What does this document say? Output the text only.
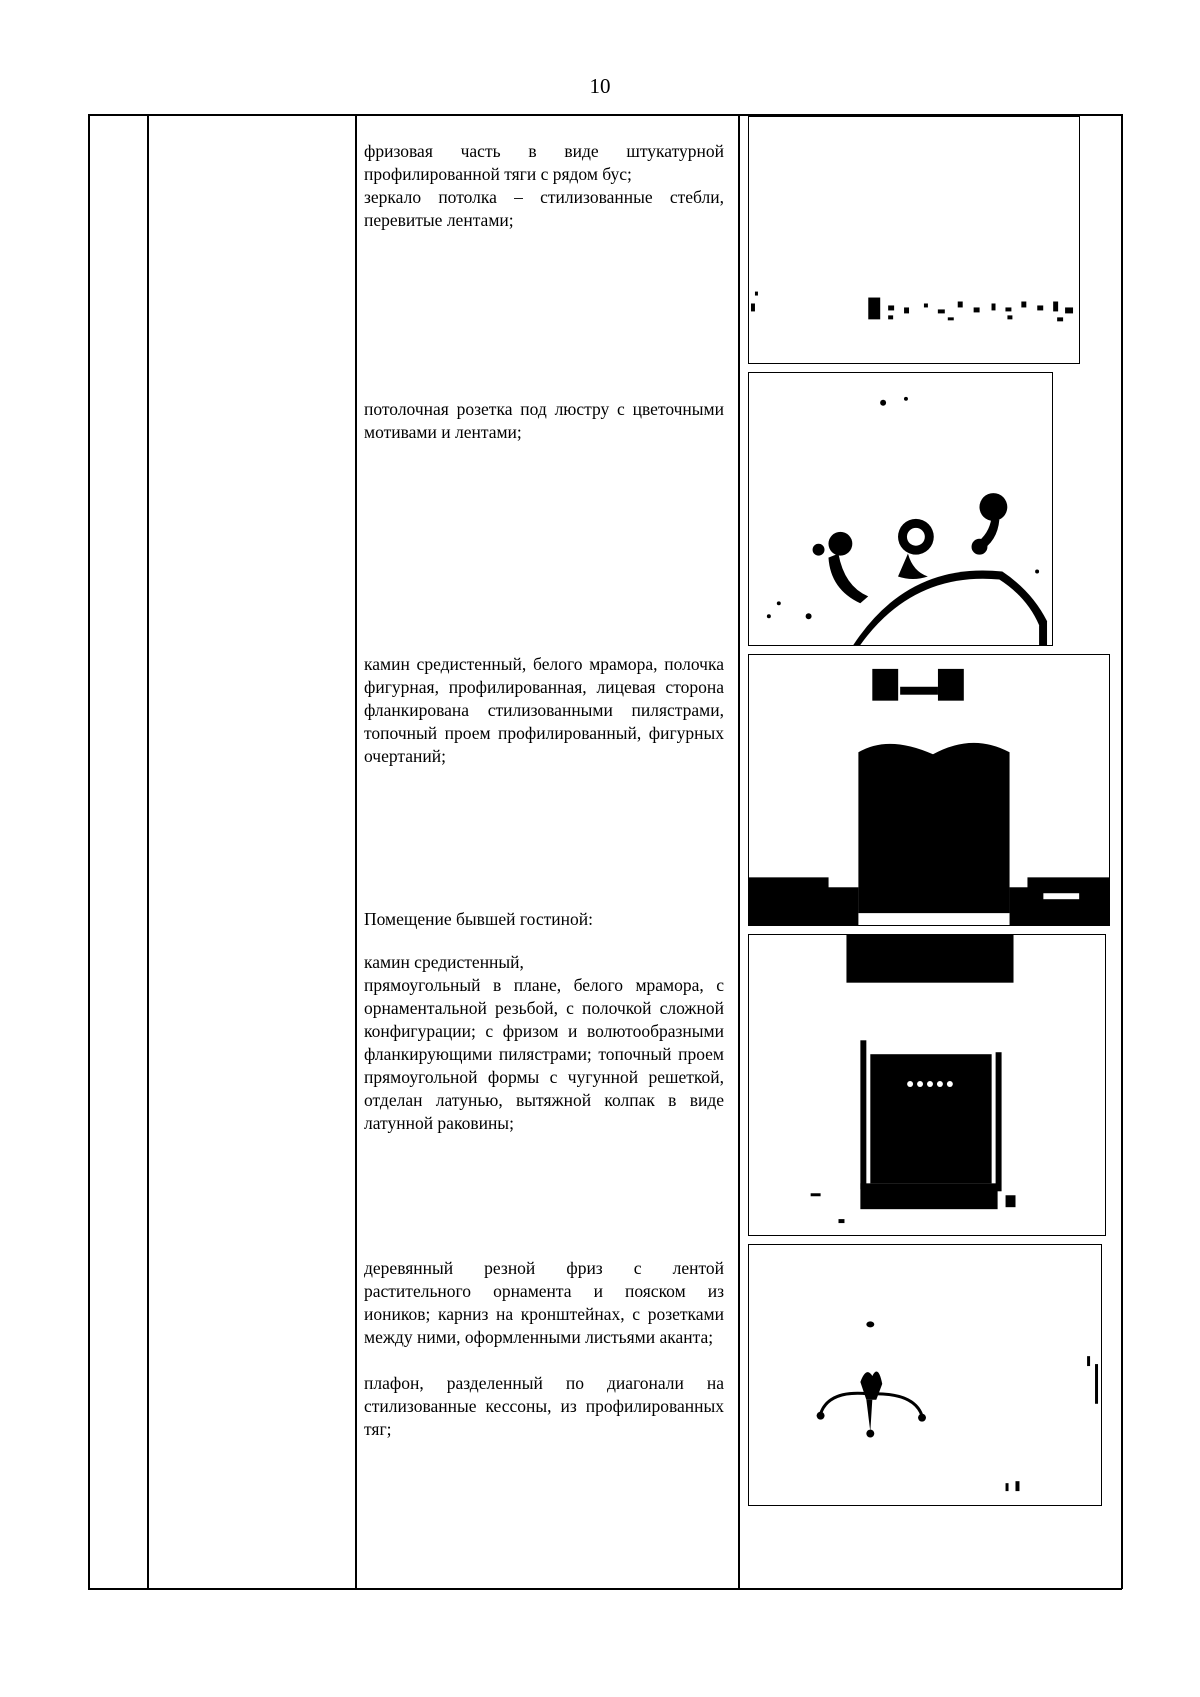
10
фризовая часть в виде штукатурной профилированной тяги с рядом бус;
зеркало потолка – стилизованные стебли, перевитые лентами;

потолочная розетка под люстру с цветочными мотивами и лентами;

камин средистенный, белого мрамора, полочка фигурная, профилированная, лицевая сторона фланкирована стилизованными пилястрами, топочный проем профилированный, фигурных очертаний;

Помещение бывшей гостиной:

камин средистенный,
прямоугольный в плане, белого мрамора, с орнаментальной резьбой, с полочкой сложной конфигурации; с фризом и волютообразными фланкирующими пилястрами; топочный проем прямоугольной формы с чугунной решеткой, отделан латунью, вытяжной колпак в виде латунной раковины;

деревянный резной фриз с лентой растительного орнамента и пояском из иоников; карниз на кронштейнах, с розетками между ними, оформленными листьями аканта;

плафон, разделенный по диагонали на стилизованные кессоны, из профилированных тяг;
